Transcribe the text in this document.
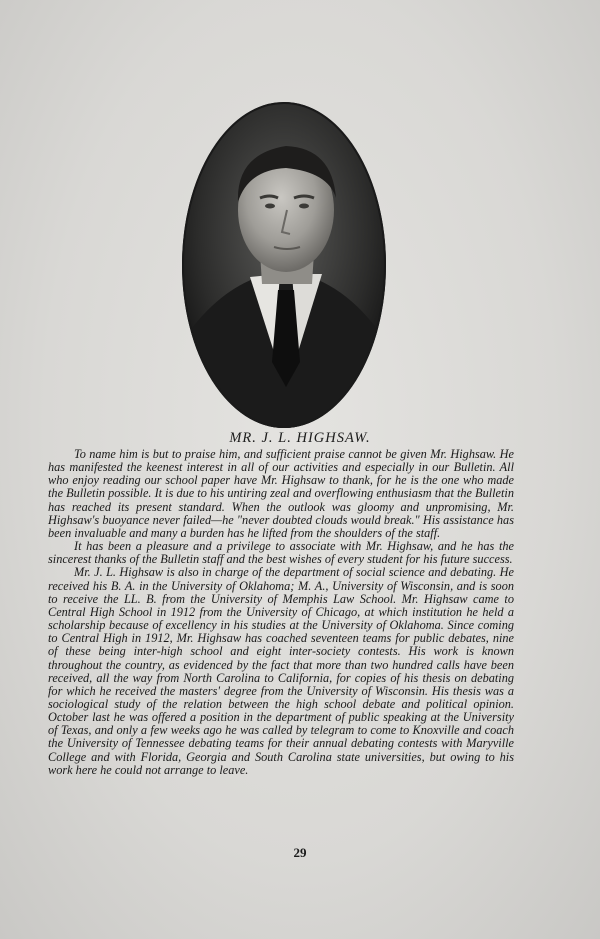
MR. J. L. HIGHSAW.

To name him is but to praise him, and sufficient praise cannot be given Mr. Highsaw. He has manifested the keenest interest in all of our activities and especially in our Bulletin. All who enjoy reading our school paper have Mr. Highsaw to thank, for he is the one who made the Bulletin possible. It is due to his untiring zeal and overflowing enthusiasm that the Bulletin has reached its present standard. When the outlook was gloomy and unpromising, Mr. Highsaw's buoyance never failed—he "never doubted clouds would break." His assistance has been invaluable and many a burden has he lifted from the shoulders of the staff.

It has been a pleasure and a privilege to associate with Mr. Highsaw, and he has the sincerest thanks of the Bulletin staff and the best wishes of every student for his future success.

Mr. J. L. Highsaw is also in charge of the department of social science and debating. He received his B. A. in the University of Oklahoma; M. A., University of Wisconsin, and is soon to receive the LL. B. from the University of Memphis Law School. Mr. Highsaw came to Central High School in 1912 from the University of Chicago, at which institution he held a scholarship because of excellency in his studies at the University of Oklahoma. Since coming to Central High in 1912, Mr. Highsaw has coached seventeen teams for public debates, nine of these being inter-high school and eight inter-society contests. His work is known throughout the country, as evidenced by the fact that more than two hundred calls have been received, all the way from North Carolina to California, for copies of his thesis on debating for which he received the masters' degree from the University of Wisconsin. His thesis was a sociological study of the relation between the high school debate and political opinion. October last he was offered a position in the department of public speaking at the University of Texas, and only a few weeks ago he was called by telegram to come to Knoxville and coach the University of Tennessee debating teams for their annual debating contests with Maryville College and with Florida, Georgia and South Carolina state universities, but owing to his work here he could not arrange to leave.

29
